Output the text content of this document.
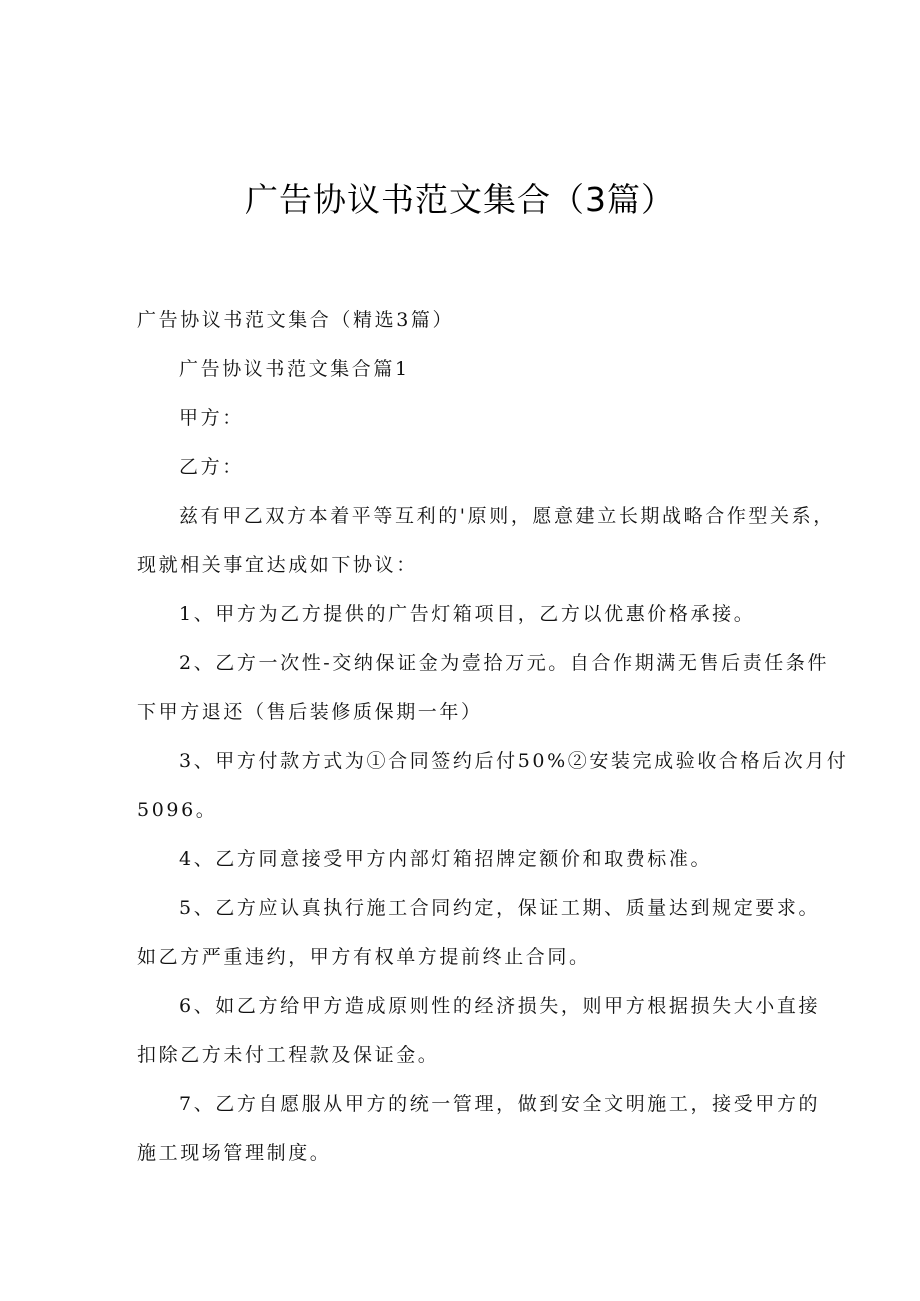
广告协议书范文集合（3篇）
广告协议书范文集合（精选3篇）
广告协议书范文集合篇1
甲方：
乙方：
兹有甲乙双方本着平等互利的'原则，愿意建立长期战略合作型关系，
现就相关事宜达成如下协议：
1、甲方为乙方提供的广告灯箱项目，乙方以优惠价格承接。
2、乙方一次性-交纳保证金为壹拾万元。自合作期满无售后责任条件
下甲方退还（售后装修质保期一年）
3、甲方付款方式为①合同签约后付50%②安装完成验收合格后次月付
5096。
4、乙方同意接受甲方内部灯箱招牌定额价和取费标准。
5、乙方应认真执行施工合同约定，保证工期、质量达到规定要求。
如乙方严重违约，甲方有权单方提前终止合同。
6、如乙方给甲方造成原则性的经济损失，则甲方根据损失大小直接
扣除乙方未付工程款及保证金。
7、乙方自愿服从甲方的统一管理，做到安全文明施工，接受甲方的
施工现场管理制度。
